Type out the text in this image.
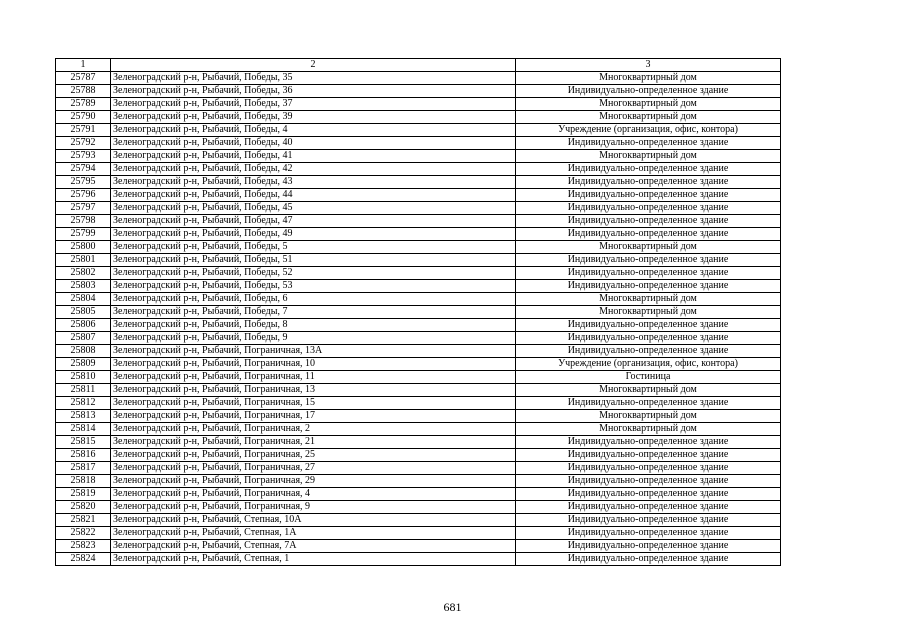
1	2	3
25787	Зеленоградский р-н, Рыбачий, Победы, 35	Многоквартирный дом
25788	Зеленоградский р-н, Рыбачий, Победы, 36	Индивидуально-определенное здание
25789	Зеленоградский р-н, Рыбачий, Победы, 37	Многоквартирный дом
25790	Зеленоградский р-н, Рыбачий, Победы, 39	Многоквартирный дом
25791	Зеленоградский р-н, Рыбачий, Победы, 4	Учреждение (организация, офис, контора)
25792	Зеленоградский р-н, Рыбачий, Победы, 40	Индивидуально-определенное здание
25793	Зеленоградский р-н, Рыбачий, Победы, 41	Многоквартирный дом
25794	Зеленоградский р-н, Рыбачий, Победы, 42	Индивидуально-определенное здание
25795	Зеленоградский р-н, Рыбачий, Победы, 43	Индивидуально-определенное здание
25796	Зеленоградский р-н, Рыбачий, Победы, 44	Индивидуально-определенное здание
25797	Зеленоградский р-н, Рыбачий, Победы, 45	Индивидуально-определенное здание
25798	Зеленоградский р-н, Рыбачий, Победы, 47	Индивидуально-определенное здание
25799	Зеленоградский р-н, Рыбачий, Победы, 49	Индивидуально-определенное здание
25800	Зеленоградский р-н, Рыбачий, Победы, 5	Многоквартирный дом
25801	Зеленоградский р-н, Рыбачий, Победы, 51	Индивидуально-определенное здание
25802	Зеленоградский р-н, Рыбачий, Победы, 52	Индивидуально-определенное здание
25803	Зеленоградский р-н, Рыбачий, Победы, 53	Индивидуально-определенное здание
25804	Зеленоградский р-н, Рыбачий, Победы, 6	Многоквартирный дом
25805	Зеленоградский р-н, Рыбачий, Победы, 7	Многоквартирный дом
25806	Зеленоградский р-н, Рыбачий, Победы, 8	Индивидуально-определенное здание
25807	Зеленоградский р-н, Рыбачий, Победы, 9	Индивидуально-определенное здание
25808	Зеленоградский р-н, Рыбачий, Пограничная, 13А	Индивидуально-определенное здание
25809	Зеленоградский р-н, Рыбачий, Пограничная, 10	Учреждение (организация, офис, контора)
25810	Зеленоградский р-н, Рыбачий, Пограничная, 11	Гостиница
25811	Зеленоградский р-н, Рыбачий, Пограничная, 13	Многоквартирный дом
25812	Зеленоградский р-н, Рыбачий, Пограничная, 15	Индивидуально-определенное здание
25813	Зеленоградский р-н, Рыбачий, Пограничная, 17	Многоквартирный дом
25814	Зеленоградский р-н, Рыбачий, Пограничная, 2	Многоквартирный дом
25815	Зеленоградский р-н, Рыбачий, Пограничная, 21	Индивидуально-определенное здание
25816	Зеленоградский р-н, Рыбачий, Пограничная, 25	Индивидуально-определенное здание
25817	Зеленоградский р-н, Рыбачий, Пограничная, 27	Индивидуально-определенное здание
25818	Зеленоградский р-н, Рыбачий, Пограничная, 29	Индивидуально-определенное здание
25819	Зеленоградский р-н, Рыбачий, Пограничная, 4	Индивидуально-определенное здание
25820	Зеленоградский р-н, Рыбачий, Пограничная, 9	Индивидуально-определенное здание
25821	Зеленоградский р-н, Рыбачий, Степная, 10А	Индивидуально-определенное здание
25822	Зеленоградский р-н, Рыбачий, Степная, 1А	Индивидуально-определенное здание
25823	Зеленоградский р-н, Рыбачий, Степная, 7А	Индивидуально-определенное здание
25824	Зеленоградский р-н, Рыбачий, Степная, 1	Индивидуально-определенное здание
681
